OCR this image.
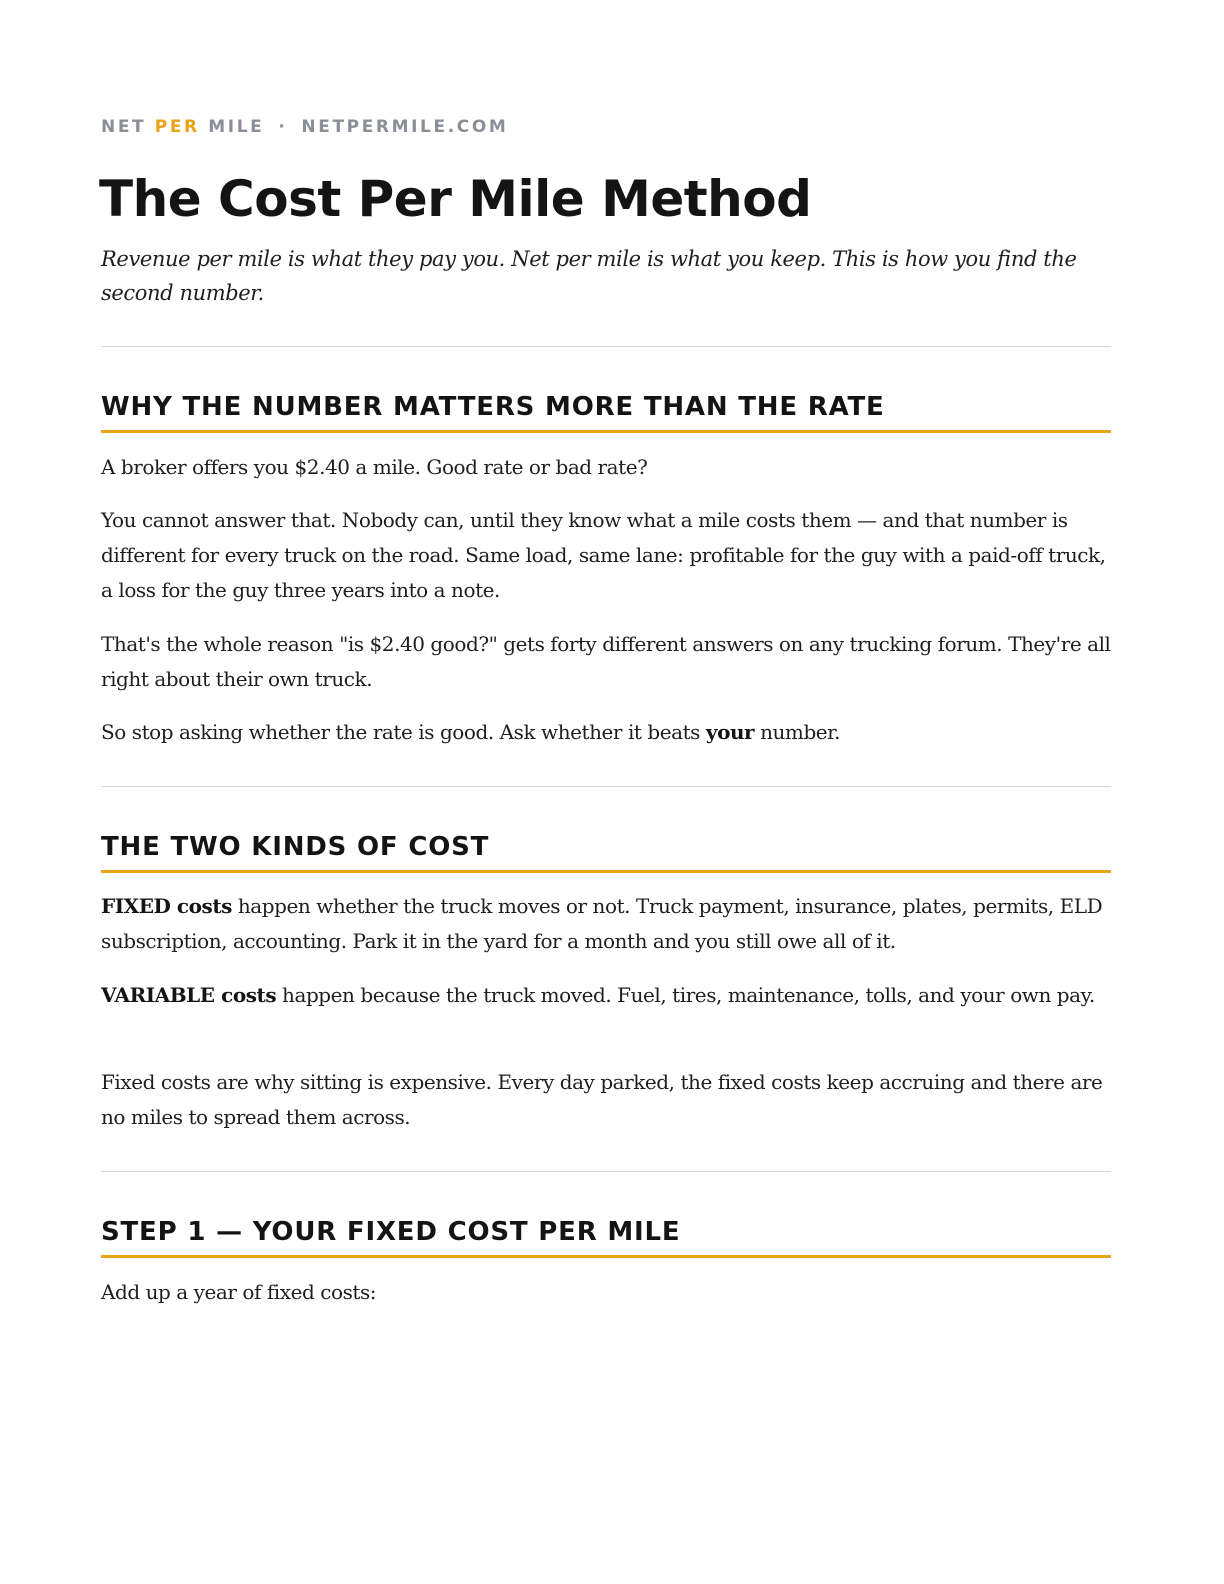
NET PER MILE · NETPERMILE.COM
The Cost Per Mile Method

Revenue per mile is what they pay you. Net per mile is what you keep. This is how you find the second number.

WHY THE NUMBER MATTERS MORE THAN THE RATE

A broker offers you $2.40 a mile. Good rate or bad rate?

You cannot answer that. Nobody can, until they know what a mile costs them — and that number is different for every truck on the road. Same load, same lane: profitable for the guy with a paid-off truck, a loss for the guy three years into a note.

That's the whole reason "is $2.40 good?" gets forty different answers on any trucking forum. They're all right about their own truck.

So stop asking whether the rate is good. Ask whether it beats your number.

THE TWO KINDS OF COST

FIXED costs happen whether the truck moves or not. Truck payment, insurance, plates, permits, ELD subscription, accounting. Park it in the yard for a month and you still owe all of it.

VARIABLE costs happen because the truck moved. Fuel, tires, maintenance, tolls, and your own pay.

Fixed costs are why sitting is expensive. Every day parked, the fixed costs keep accruing and there are no miles to spread them across.

STEP 1 — YOUR FIXED COST PER MILE

Add up a year of fixed costs:
